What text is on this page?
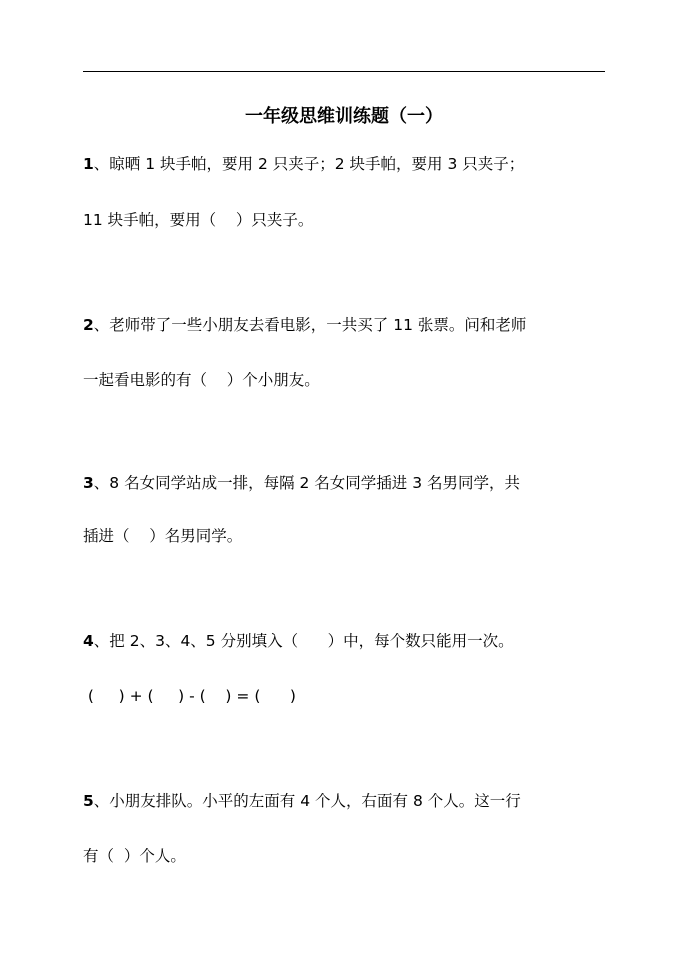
一年级思维训练题（一）
1、晾晒 1 块手帕，要用 2 只夹子；2 块手帕，要用 3 只夹子；
11 块手帕，要用（    ）只夹子。
2、老师带了一些小朋友去看电影，一共买了 11 张票。问和老师
一起看电影的有（    ）个小朋友。
3、8 名女同学站成一排，每隔 2 名女同学插进 3 名男同学，共
插进（    ）名男同学。
4、把 2、3、4、5 分别填入（      ）中，每个数只能用一次。
(     ) + (     ) - (    ) = (      )
5、小朋友排队。小平的左面有 4 个人，右面有 8 个人。这一行
有（  ）个人。
